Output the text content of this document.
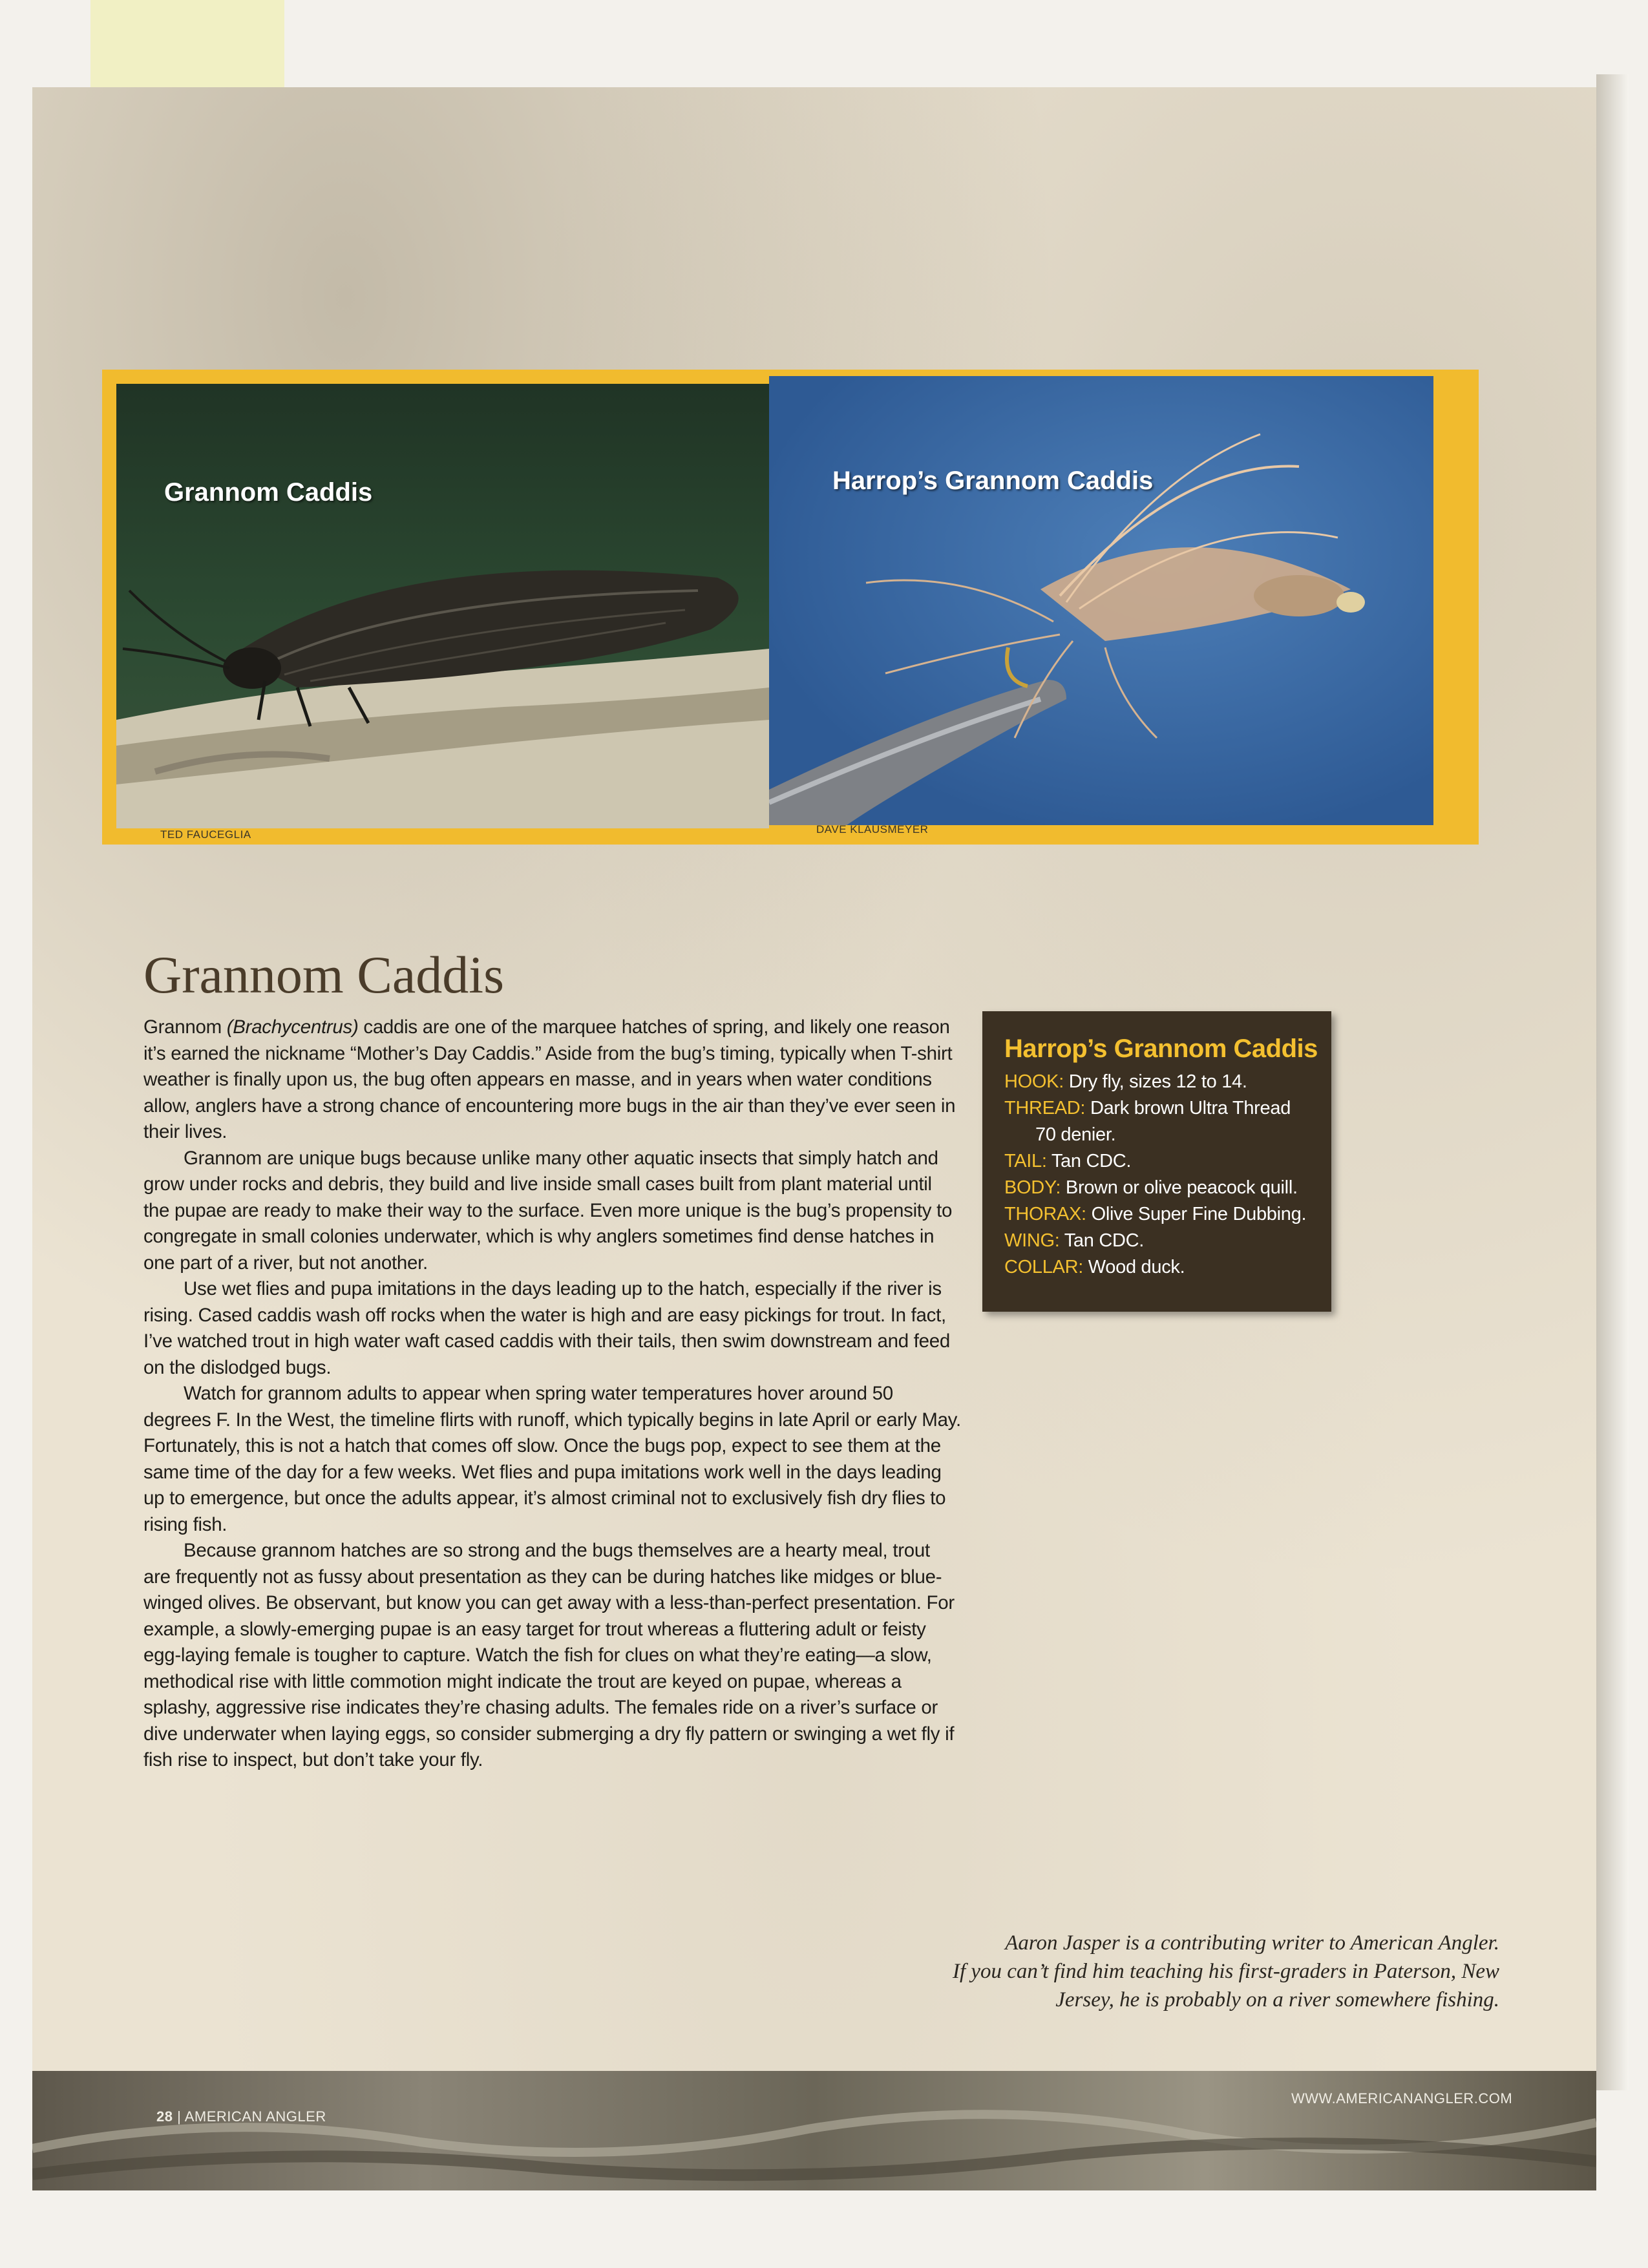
Grannom Caddis	Harrop’s Grannom Caddis
TED FAUCEGLIA	DAVE KLAUSMEYER
Grannom Caddis

Grannom (Brachycentrus) caddis are one of the marquee hatches of spring, and likely one reason it’s earned the nickname “Mother’s Day Caddis.” Aside from the bug’s timing, typically when T-shirt weather is finally upon us, the bug often appears en masse, and in years when water conditions allow, anglers have a strong chance of encountering more bugs in the air than they’ve ever seen in their lives.

Grannom are unique bugs because unlike many other aquatic insects that simply hatch and grow under rocks and debris, they build and live inside small cases built from plant material until the pupae are ready to make their way to the surface. Even more unique is the bug’s propensity to congregate in small colonies underwater, which is why anglers sometimes find dense hatches in one part of a river, but not another.

Use wet flies and pupa imitations in the days leading up to the hatch, especially if the river is rising. Cased caddis wash off rocks when the water is high and are easy pickings for trout. In fact, I’ve watched trout in high water waft cased caddis with their tails, then swim downstream and feed on the dislodged bugs.

Watch for grannom adults to appear when spring water temperatures hover around 50 degrees F. In the West, the timeline flirts with runoff, which typically begins in late April or early May. Fortunately, this is not a hatch that comes off slow. Once the bugs pop, expect to see them at the same time of the day for a few weeks. Wet flies and pupa imitations work well in the days leading up to emergence, but once the adults appear, it’s almost criminal not to exclusively fish dry flies to rising fish.

Because grannom hatches are so strong and the bugs themselves are a hearty meal, trout are frequently not as fussy about presentation as they can be during hatches like midges or blue-winged olives. Be observant, but know you can get away with a less-than-perfect presentation. For example, a slowly-emerging pupae is an easy target for trout whereas a fluttering adult or feisty egg-laying female is tougher to capture. Watch the fish for clues on what they’re eating—a slow, methodical rise with little commotion might indicate the trout are keyed on pupae, whereas a splashy, aggressive rise indicates they’re chasing adults. The females ride on a river’s surface or dive underwater when laying eggs, so consider submerging a dry fly pattern or swinging a wet fly if fish rise to inspect, but don’t take your fly.

Harrop’s Grannom Caddis
HOOK: Dry fly, sizes 12 to 14.
THREAD: Dark brown Ultra Thread
70 denier.
TAIL: Tan CDC.
BODY: Brown or olive peacock quill.
THORAX: Olive Super Fine Dubbing.
WING: Tan CDC.
COLLAR: Wood duck.
Aaron Jasper is a contributing writer to American Angler.
If you can’t find him teaching his first-graders in Paterson, New
Jersey, he is probably on a river somewhere fishing.
28 | AMERICAN ANGLER
WWW.AMERICANANGLER.COM
